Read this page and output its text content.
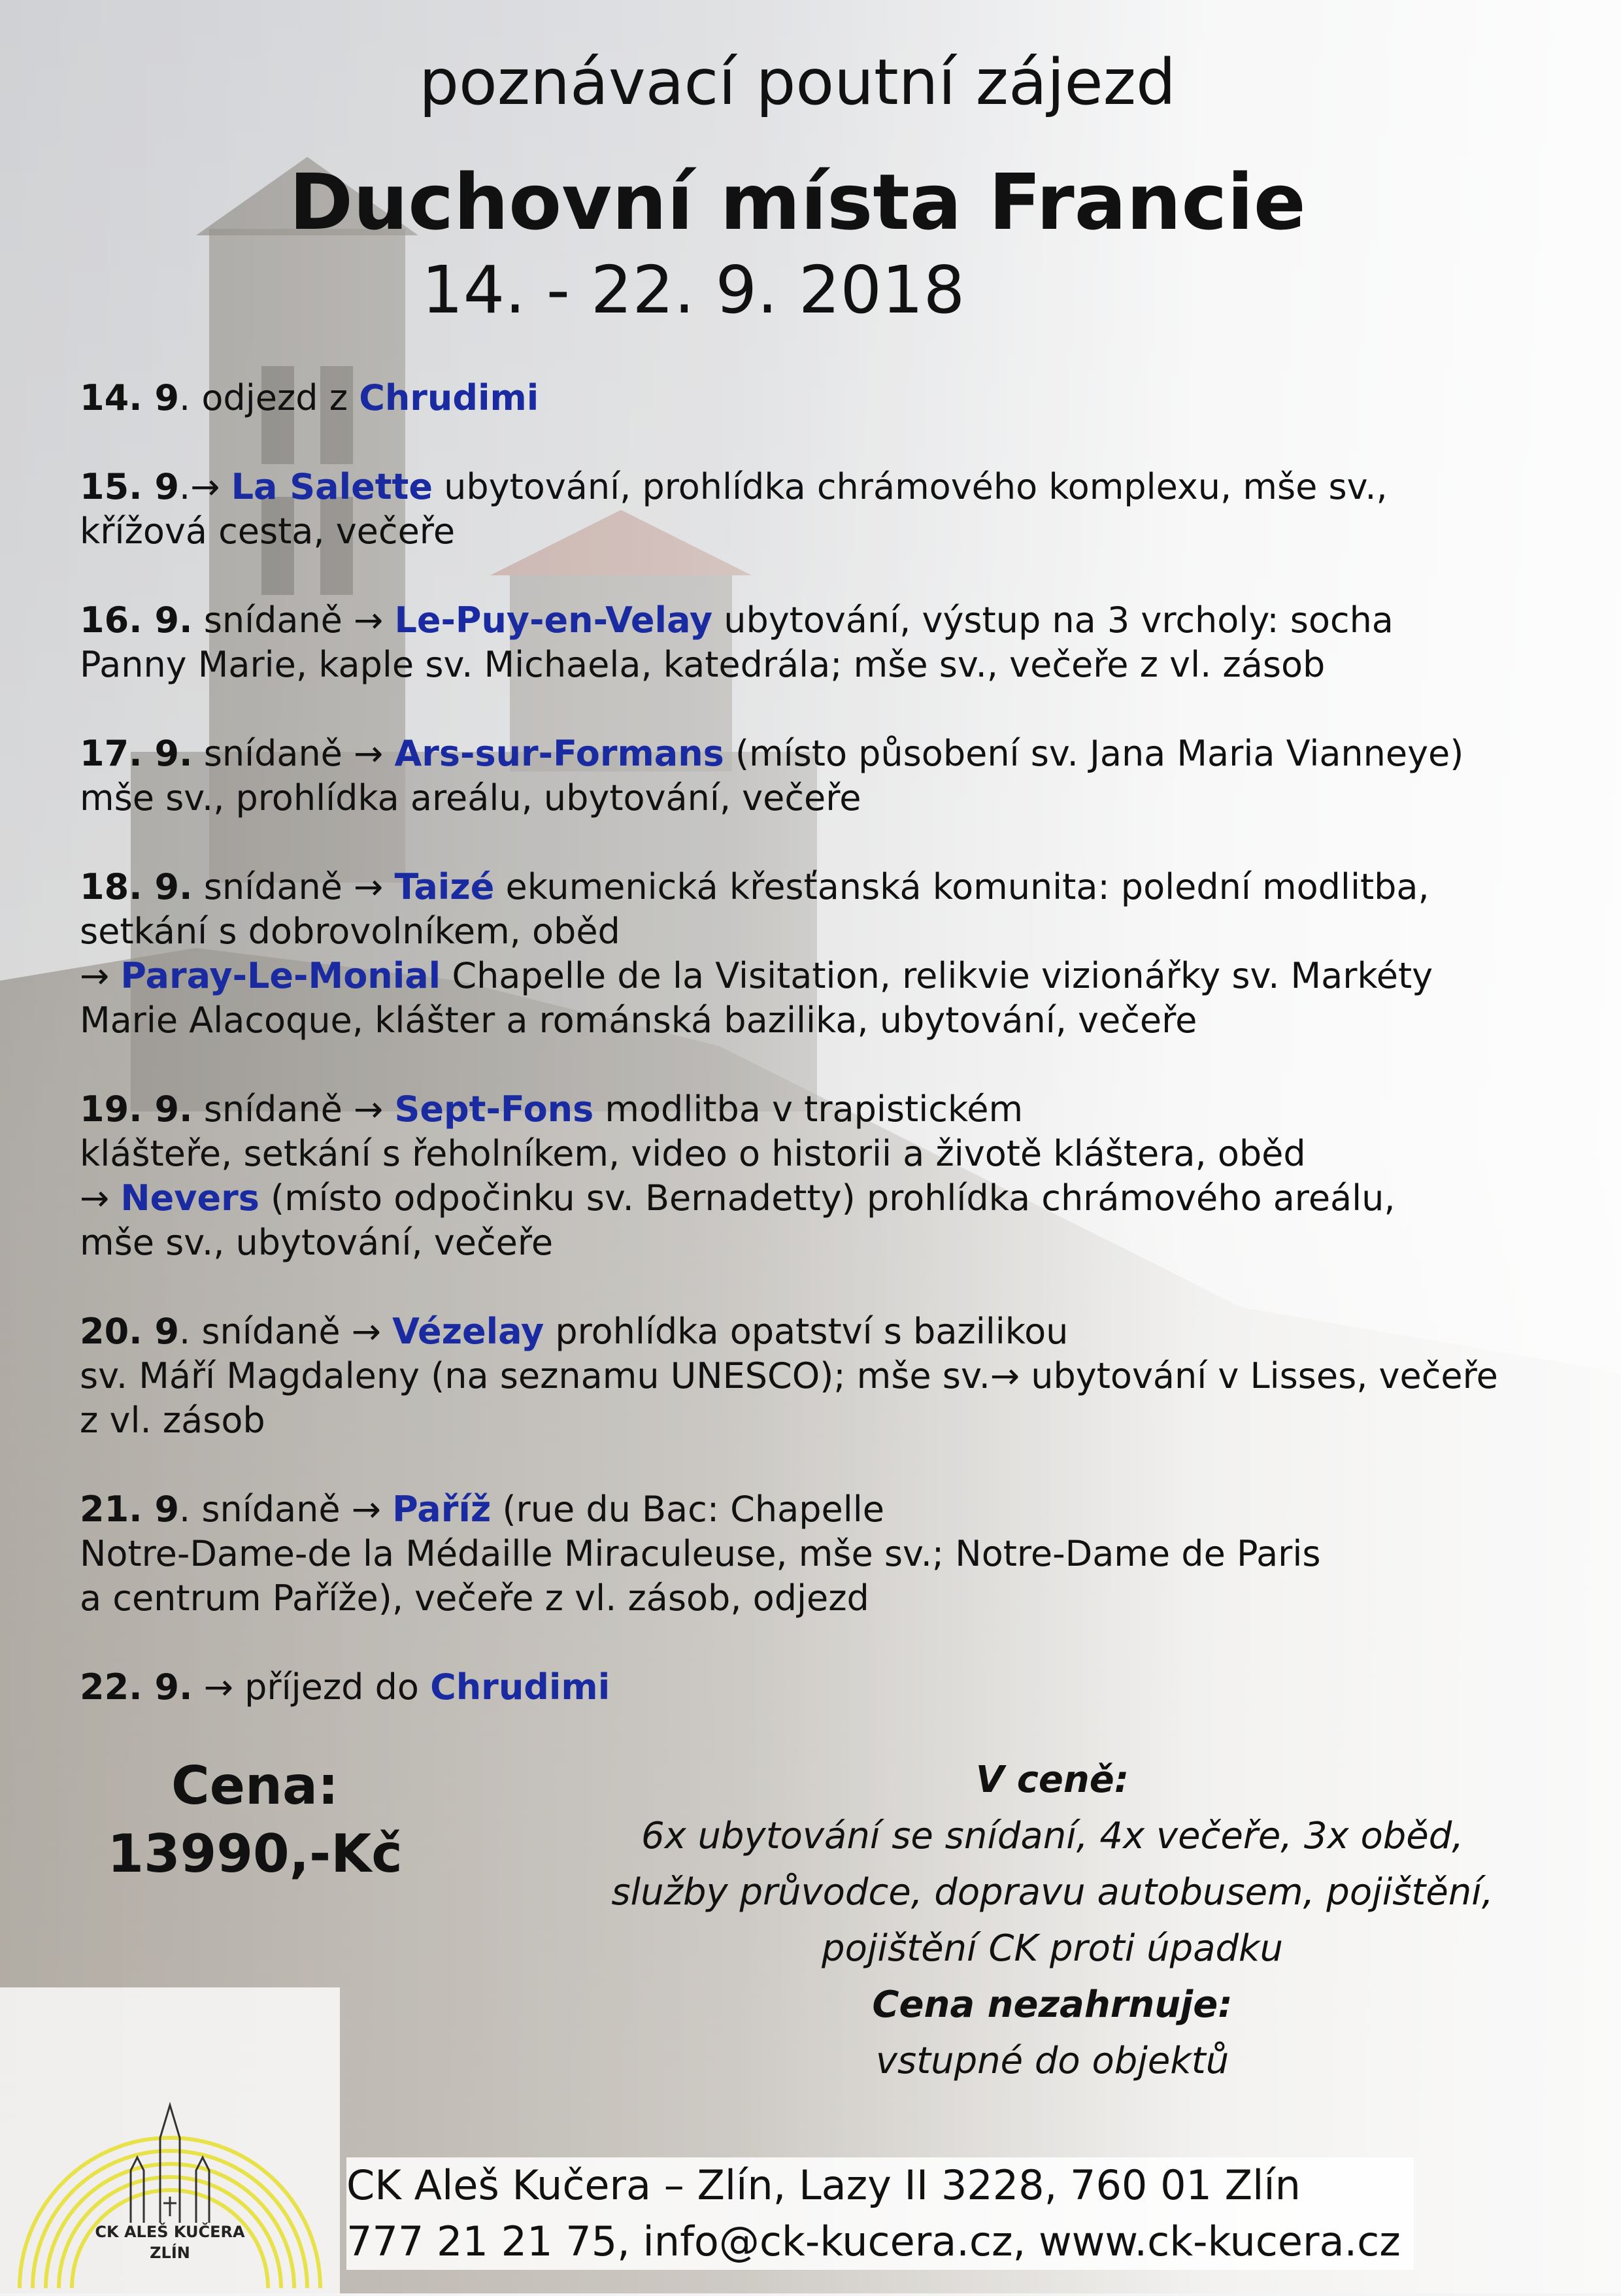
poznávací poutní zájezd
Duchovní místa Francie
14. - 22. 9. 2018
14. 9. odjezd z Chrudimi
15. 9.→ La Salette ubytování, prohlídka chrámového komplexu, mše sv.,
křížová cesta, večeře
16. 9. snídaně → Le-Puy-en-Velay ubytování, výstup na 3 vrcholy: socha
Panny Marie, kaple sv. Michaela, katedrála; mše sv., večeře z vl. zásob
17. 9. snídaně → Ars-sur-Formans (místo působení sv. Jana Maria Vianneye)
mše sv., prohlídka areálu, ubytování, večeře
18. 9. snídaně → Taizé ekumenická křesťanská komunita: polední modlitba,
setkání s dobrovolníkem, oběd
→ Paray-Le-Monial Chapelle de la Visitation, relikvie vizionářky sv. Markéty
Marie Alacoque, klášter a románská bazilika, ubytování, večeře
19. 9. snídaně → Sept-Fons modlitba v trapistickém
klášteře, setkání s řeholníkem, video o historii a životě kláštera, oběd
→ Nevers (místo odpočinku sv. Bernadetty) prohlídka chrámového areálu,
mše sv., ubytování, večeře
20. 9. snídaně → Vézelay prohlídka opatství s bazilikou
sv. Máří Magdaleny (na seznamu UNESCO); mše sv.→ ubytování v Lisses, večeře
z vl. zásob
21. 9. snídaně → Paříž (rue du Bac: Chapelle
Notre-Dame-de la Médaille Miraculeuse, mše sv.; Notre-Dame de Paris
a centrum Paříže), večeře z vl. zásob, odjezd
22. 9. → příjezd do Chrudimi
Cena:
13990,-Kč
V ceně:
6x ubytování se snídaní, 4x večeře, 3x oběd,
služby průvodce, dopravu autobusem, pojištění,
pojištění CK proti úpadku
Cena nezahrnuje:
vstupné do objektů
CK ALEŠ KUČERA
ZLÍN
CK Aleš Kučera – Zlín, Lazy II 3228, 760 01 Zlín
777 21 21 75, info@ck-kucera.cz, www.ck-kucera.cz
